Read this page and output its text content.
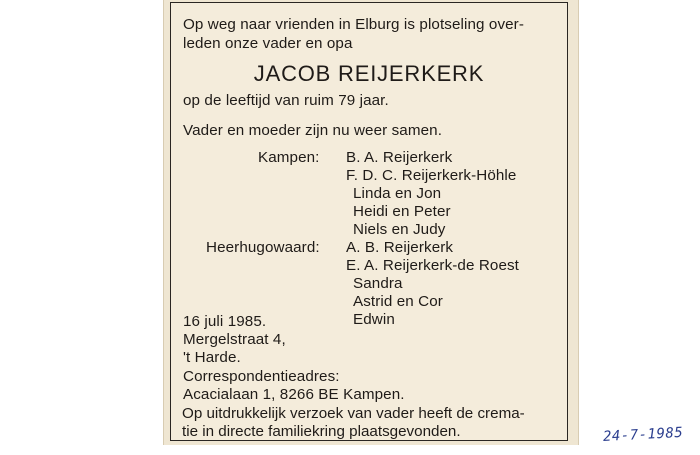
Op weg naar vrienden in Elburg is plotseling over-
leden onze vader en opa
JACOB REIJERKERK
op de leeftijd van ruim 79 jaar.
Vader en moeder zijn nu weer samen.
Kampen: B. A. Reijerkerk
F. D. C. Reijerkerk-Höhle
Linda en Jon
Heidi en Peter
Niels en Judy
Heerhugowaard: A. B. Reijerkerk
E. A. Reijerkerk-de Roest
Sandra
Astrid en Cor
Edwin
16 juli 1985.
Mergelstraat 4,
't Harde.
Correspondentieadres:
Acacialaan 1, 8266 BE Kampen.
Op uitdrukkelijk verzoek van vader heeft de crema-
tie in directe familiekring plaatsgevonden.	24-7-1985
